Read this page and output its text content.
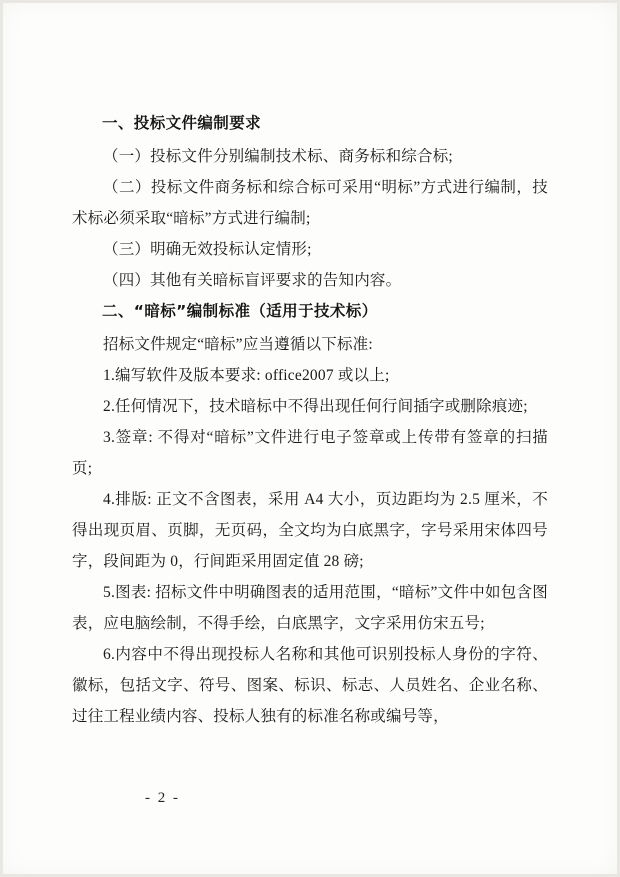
一、投标文件编制要求

（一）投标文件分别编制技术标、商务标和综合标;

（二）投标文件商务标和综合标可采用“明标”方式进行编制，技术标必须采取“暗标”方式进行编制;

（三）明确无效投标认定情形;

（四）其他有关暗标盲评要求的告知内容。

二、“暗标”编制标准（适用于技术标）

招标文件规定“暗标”应当遵循以下标准:

1.编写软件及版本要求: office2007 或以上;

2.任何情况下，技术暗标中不得出现任何行间插字或删除痕迹;

3.签章: 不得对“暗标”文件进行电子签章或上传带有签章的扫描页;

4.排版: 正文不含图表，采用 A4 大小，页边距均为 2.5 厘米，不得出现页眉、页脚，无页码，全文均为白底黑字，字号采用宋体四号字，段间距为 0，行间距采用固定值 28 磅;

5.图表: 招标文件中明确图表的适用范围，“暗标”文件中如包含图表，应电脑绘制，不得手绘，白底黑字，文字采用仿宋五号;

6.内容中不得出现投标人名称和其他可识别投标人身份的字符、徽标，包括文字、符号、图案、标识、标志、人员姓名、企业名称、过往工程业绩内容、投标人独有的标准名称或编号等，

- 2 -
